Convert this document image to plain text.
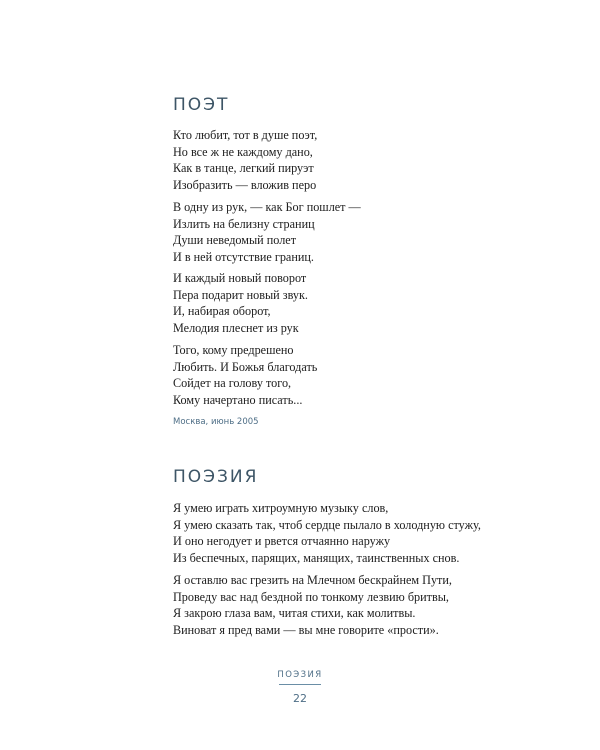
ПОЭТ
Кто любит, тот в душе поэт,
Но все ж не каждому дано,
Как в танце, легкий пируэт
Изобразить — вложив перо
В одну из рук, — как Бог пошлет —
Излить на белизну страниц
Души неведомый полет
И в ней отсутствие границ.
И каждый новый поворот
Пера подарит новый звук.
И, набирая оборот,
Мелодия плеснет из рук
Того, кому предрешено
Любить. И Божья благодать
Сойдет на голову того,
Кому начертано писать...
Москва, июнь 2005
ПОЭЗИЯ
Я умею играть хитроумную музыку слов,
Я умею сказать так, чтоб сердце пылало в холодную стужу,
И оно негодует и рвется отчаянно наружу
Из беспечных, парящих, манящих, таинственных снов.
Я оставлю вас грезить на Млечном бескрайнем Пути,
Проведу вас над бездной по тонкому лезвию бритвы,
Я закрою глаза вам, читая стихи, как молитвы.
Виноват я пред вами — вы мне говорите «прости».
ПОЭЗИЯ
22
